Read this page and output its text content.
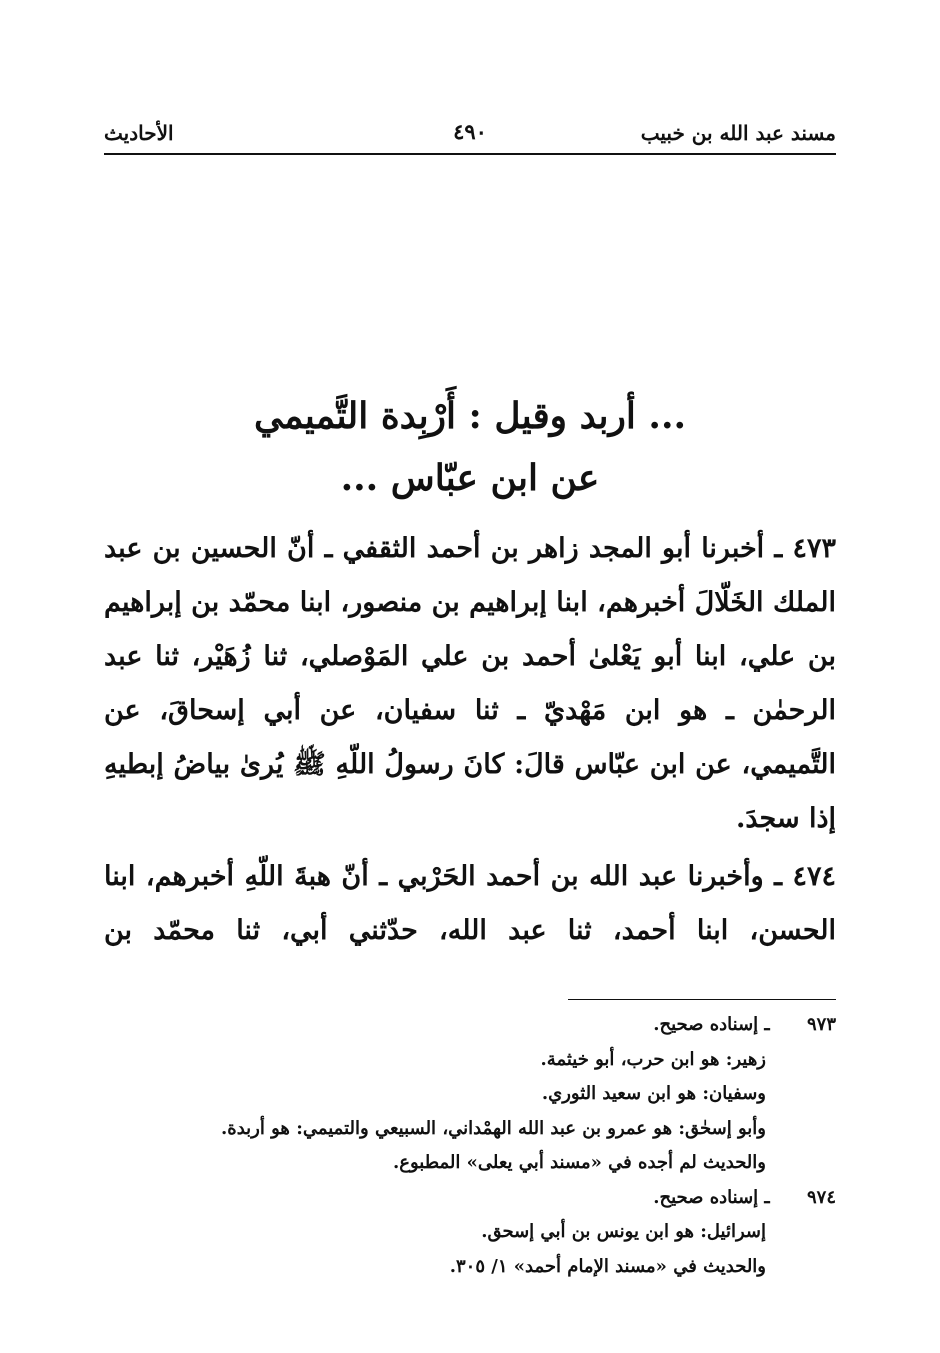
مسند عبد الله بن خبيب
٤٩٠
الأحاديث
... أربد وقيل : أَرْبِدة التَّميمي
عن ابن عبّاس ...

٤٧٣ ـ أخبرنا أبو المجد زاهر بن أحمد الثقفي ـ أنّ الحسين بن عبد الملك الخَلّالَ أخبرهم، ابنا إبراهيم بن منصور، ابنا محمّد بن إبراهيم بن علي، ابنا أبو يَعْلىٰ أحمد بن علي المَوْصلي، ثنا زُهَيْر، ثنا عبد الرحمٰن ـ هو ابن مَهْديّ ـ ثنا سفيان، عن أبي إسحاقَ، عن التَّميمي، عن ابن عبّاس قالَ: كانَ رسولُ اللّهِ ﷺ يُرىٰ بياضُ إبطيهِ إذا سجدَ.

٤٧٤ ـ وأخبرنا عبد الله بن أحمد الحَرْبي ـ أنّ هبةَ اللّهِ أخبرهم، ابنا الحسن، ابنا أحمد، ثنا عبد الله، حدّثني أبي، ثنا محمّد بن

٩٧٣ ـ إسناده صحيح.
زهير: هو ابن حرب، أبو خيثمة.
وسفيان: هو ابن سعيد الثوري.
وأبو إسحٰق: هو عمرو بن عبد الله الهمْداني، السبيعي والتميمي: هو أربدة.
والحديث لم أجده في «مسند أبي يعلى» المطبوع.
٩٧٤ ـ إسناده صحيح.
إسرائيل: هو ابن يونس بن أبي إسحق.
والحديث في «مسند الإمام أحمد» ١/ ٣٠٥.
